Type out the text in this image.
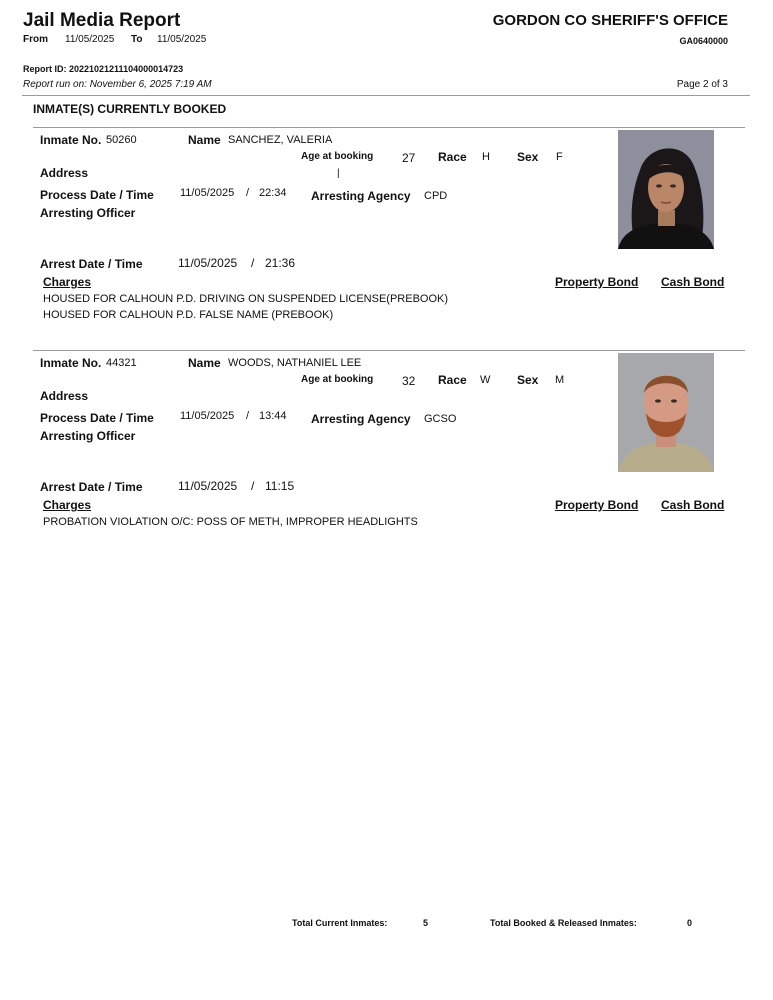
Jail Media Report
From 11/05/2025 To 11/05/2025
GORDON CO SHERIFF'S OFFICE
GA0640000
Report ID: 20221021211104000014723
Report run on: November 6, 2025 7:19 AM	Page 2 of 3
INMATE(S) CURRENTLY BOOKED
Inmate No. 50260	Name SANCHEZ, VALERIA
Age at booking 27 Race H Sex F
|
Address
Process Date / Time 11/05/2025 / 22:34 Arresting Agency CPD
Arresting Officer
Arrest Date / Time	11/05/2025 / 21:36
Charges	Property Bond Cash Bond
HOUSED FOR CALHOUN P.D. DRIVING ON SUSPENDED LICENSE(PREBOOK)
HOUSED FOR CALHOUN P.D. FALSE NAME (PREBOOK)
Inmate No. 44321	Name WOODS, NATHANIEL LEE
Age at booking 32 Race W Sex M
Address
Process Date / Time 11/05/2025 / 13:44 Arresting Agency GCSO
Arresting Officer
Arrest Date / Time	11/05/2025 / 11:15
Charges	Property Bond Cash Bond
PROBATION VIOLATION O/C: POSS OF METH, IMPROPER HEADLIGHTS
Total Current Inmates:	5	Total Booked & Released Inmates:	0
